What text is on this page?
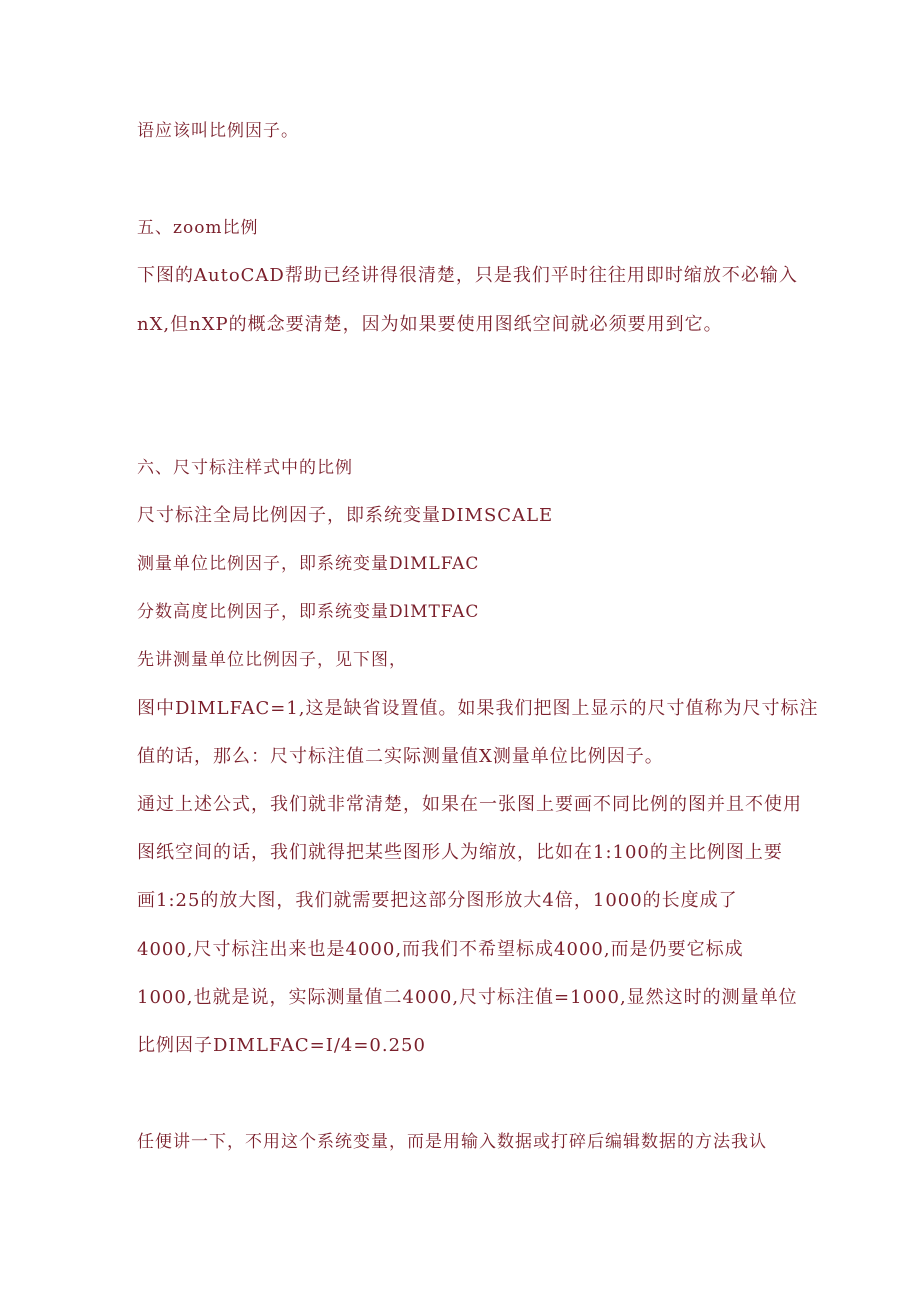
语应该叫比例因子。
五、zoom比例
下图的AutoCAD帮助已经讲得很清楚，只是我们平时往往用即时缩放不必输入
nX,但nXP的概念要清楚，因为如果要使用图纸空间就必须要用到它。
六、尺寸标注样式中的比例
尺寸标注全局比例因子，即系统变量DIMSCALE
测量单位比例因子，即系统变量DlMLFAC
分数高度比例因子，即系统变量DlMTFAC
先讲测量单位比例因子，见下图，
图中DlMLFAC=1,这是缺省设置值。如果我们把图上显示的尺寸值称为尺寸标注
值的话，那么：尺寸标注值二实际测量值X测量单位比例因子。
通过上述公式，我们就非常清楚，如果在一张图上要画不同比例的图并且不使用
图纸空间的话，我们就得把某些图形人为缩放，比如在1:100的主比例图上要
画1:25的放大图，我们就需要把这部分图形放大4倍，1000的长度成了
4000,尺寸标注出来也是4000,而我们不希望标成4000,而是仍要它标成
1000,也就是说，实际测量值二4000,尺寸标注值=1000,显然这时的测量单位
比例因子DIMLFAC=I/4=0.250
任便讲一下，不用这个系统变量，而是用输入数据或打碎后编辑数据的方法我认
